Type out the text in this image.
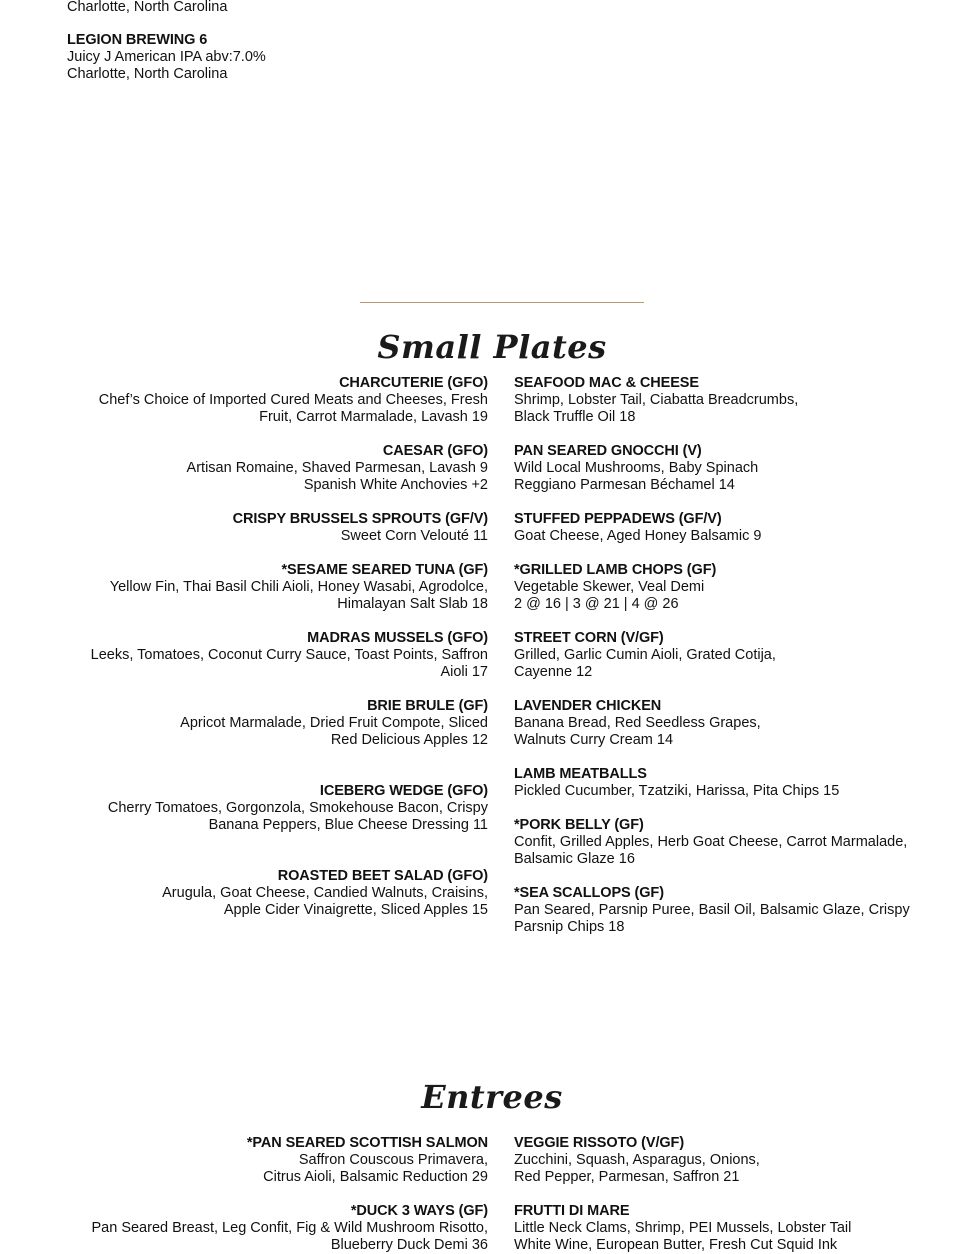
Charlotte, North Carolina
LEGION BREWING 6
Juicy J American IPA abv:7.0%
Charlotte, North Carolina
Small Plates
CHARCUTERIE (GFO)
Chef’s Choice of Imported Cured Meats and Cheeses, Fresh
Fruit, Carrot Marmalade, Lavash 19
CAESAR (GFO)
Artisan Romaine, Shaved Parmesan, Lavash 9
Spanish White Anchovies +2
CRISPY BRUSSELS SPROUTS (GF/V)
Sweet Corn Velouté 11
*SESAME SEARED TUNA (GF)
Yellow Fin, Thai Basil Chili Aioli, Honey Wasabi, Agrodolce,
Himalayan Salt Slab 18
MADRAS MUSSELS (GFO)
Leeks, Tomatoes, Coconut Curry Sauce, Toast Points, Saffron
Aioli 17
BRIE BRULE (GF)
Apricot Marmalade, Dried Fruit Compote, Sliced
Red Delicious Apples 12
ICEBERG WEDGE (GFO)
Cherry Tomatoes, Gorgonzola, Smokehouse Bacon, Crispy
Banana Peppers, Blue Cheese Dressing 11
ROASTED BEET SALAD (GFO)
Arugula, Goat Cheese, Candied Walnuts, Craisins,
Apple Cider Vinaigrette, Sliced Apples 15
SEAFOOD MAC & CHEESE
Shrimp, Lobster Tail, Ciabatta Breadcrumbs,
Black Truffle Oil 18
PAN SEARED GNOCCHI (V)
Wild Local Mushrooms, Baby Spinach
Reggiano Parmesan Béchamel 14
STUFFED PEPPADEWS (GF/V)
Goat Cheese, Aged Honey Balsamic 9
*GRILLED LAMB CHOPS (GF)
Vegetable Skewer, Veal Demi
2 @ 16 | 3 @ 21 | 4 @ 26
STREET CORN (V/GF)
Grilled, Garlic Cumin Aioli, Grated Cotija,
Cayenne 12
LAVENDER CHICKEN
Banana Bread, Red Seedless Grapes,
Walnuts Curry Cream 14
LAMB MEATBALLS
Pickled Cucumber, Tzatziki, Harissa, Pita Chips 15
*PORK BELLY (GF)
Confit, Grilled Apples, Herb Goat Cheese, Carrot Marmalade,
Balsamic Glaze 16
*SEA SCALLOPS (GF)
Pan Seared, Parsnip Puree, Basil Oil, Balsamic Glaze, Crispy
Parsnip Chips 18
Entrees
*PAN SEARED SCOTTISH SALMON
Saffron Couscous Primavera,
Citrus Aioli, Balsamic Reduction 29
*DUCK 3 WAYS (GF)
Pan Seared Breast, Leg Confit, Fig & Wild Mushroom Risotto,
Blueberry Duck Demi 36
VEGGIE RISSOTO (V/GF)
Zucchini, Squash, Asparagus, Onions,
Red Pepper, Parmesan, Saffron 21
FRUTTI DI MARE
Little Neck Clams, Shrimp, PEI Mussels, Lobster Tail
White Wine, European Butter, Fresh Cut Squid Ink
